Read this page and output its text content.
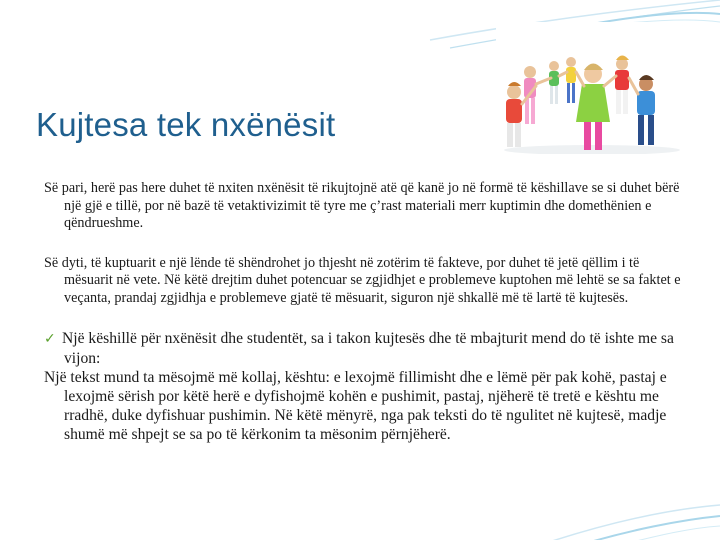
Kujtesa tek nxënësit

Së pari, herë pas here duhet të nxiten nxënësit të rikujtojnë atë që kanë jo në formë të këshillave se si duhet bërë një gjë e tillë, por në bazë të vetaktivizimit të tyre me ç’rast materiali merr kuptimin dhe domethënien e qëndrueshme.

Së dyti, të kuptuarit e një lënde të shëndrohet jo thjesht në zotërim të fakteve, por duhet të jetë qëllim i të mësuarit në vete. Në këtë drejtim duhet potencuar se zgjidhjet e problemeve kuptohen më lehtë se sa faktet e veçanta, prandaj zgjidhja e problemeve gjatë të mësuarit, siguron një shkallë më të lartë të kujtesës.

✓ Një këshillë për nxënësit dhe studentët, sa i takon kujtesës dhe të mbajturit mend do të ishte me sa vijon:

Një tekst mund ta mësojmë më kollaj, kështu: e lexojmë fillimisht dhe e lëmë për pak kohë, pastaj e lexojmë sërish por këtë herë e dyfishojmë kohën e pushimit, pastaj, njëherë të tretë e kështu me rradhë, duke dyfishuar pushimin. Në këtë mënyrë, nga pak teksti do të ngulitet në kujtesë, madje shumë më shpejt se sa po të kërkonim ta mësonim përnjëherë.
